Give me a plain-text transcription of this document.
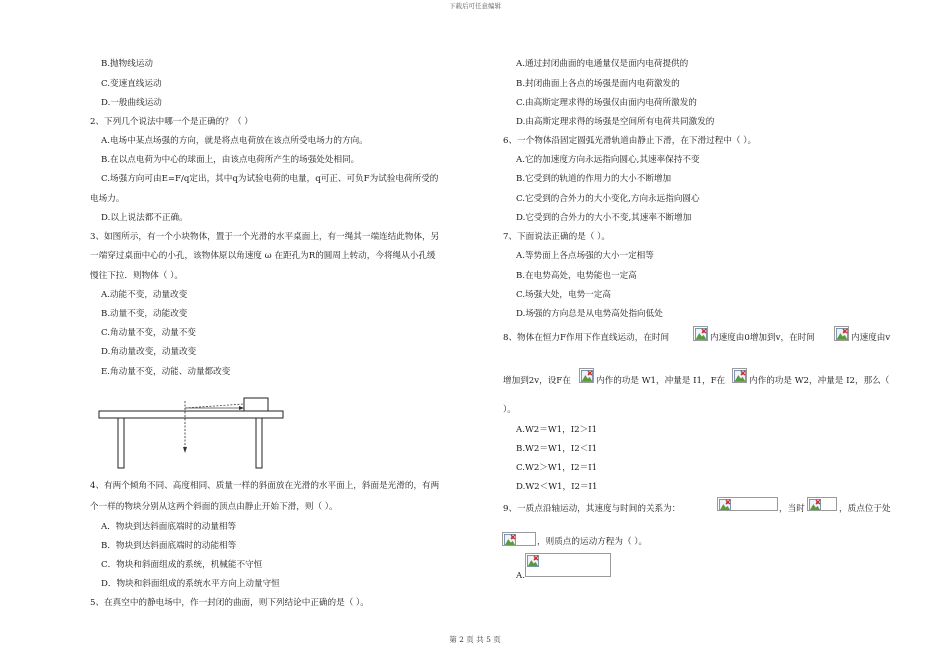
下载后可任意编辑
B.抛物线运动
C.变速直线运动
D.一般曲线运动
2、下列几个说法中哪一个是正确的？（ ）
A.电场中某点场强的方向，就是将点电荷放在该点所受电场力的方向。
B.在以点电荷为中心的球面上，由该点电荷所产生的场强处处相同。
C.场强方向可由E=F/q定出，其中q为试验电荷的电量，q可正、可负F为试验电荷所受的
电场力。
D.以上说法都不正确。
3、如图所示，有一个小块物体，置于一个光滑的水平桌面上，有一绳其一端连结此物体，另
一端穿过桌面中心的小孔，该物体原以角速度 ω 在距孔为R的圆周上转动，今将绳从小孔缓
慢往下拉．则物体（ ）。
A.动能不变，动量改变
B.动量不变，动能改变
C.角动量不变，动量不变
D.角动量改变，动量改变
E.角动量不变，动能、动量都改变
4、有两个倾角不同、高度相同、质量一样的斜面放在光滑的水平面上，斜面是光滑的，有两
个一样的物块分别从这两个斜面的顶点由静止开始下滑，则（ ）。
A．物块到达斜面底端时的动量相等
B．物块到达斜面底端时的动能相等
C．物块和斜面组成的系统，机械能不守恒
D．物块和斜面组成的系统水平方向上动量守恒
5、在真空中的静电场中，作一封闭的曲面，则下列结论中正确的是（ ）。
A.通过封闭曲面的电通量仅是面内电荷提供的
B.封闭曲面上各点的场强是面内电荷激发的
C.由高斯定理求得的场强仅由面内电荷所激发的
D.由高斯定理求得的场强是空间所有电荷共同激发的
6、一个物体沿固定圆弧光滑轨道由静止下滑，在下滑过程中（ ）。
A.它的加速度方向永远指向圆心,其速率保持不变
B.它受到的轨道的作用力的大小不断增加
C.它受到的合外力的大小变化,方向永远指向圆心
D.它受到的合外力的大小不变,其速率不断增加
7、下面说法正确的是（ ）。
A.等势面上各点场强的大小一定相等
B.在电势高处，电势能也一定高
C.场强大处，电势一定高
D.场强的方向总是从电势高处指向低处
8、物体在恒力F作用下作直线运动，在时间	内速度由0增加到v，在时间	内速度由v
增加到2v，设F在	内作的功是 W1，冲量是 I1，F在	内作的功是 W2，冲量是 I2，那么（
）。
A.W2＝W1，I2＞I1
B.W2＝W1，I2＜I1
C.W2＞W1，I2＝I1
D.W2＜W1，I2＝I1
9、一质点沿轴运动，其速度与时间的关系为：	，当时	，质点位于处
，则质点的运动方程为（ ）。
A.
第 2 页 共 5 页
